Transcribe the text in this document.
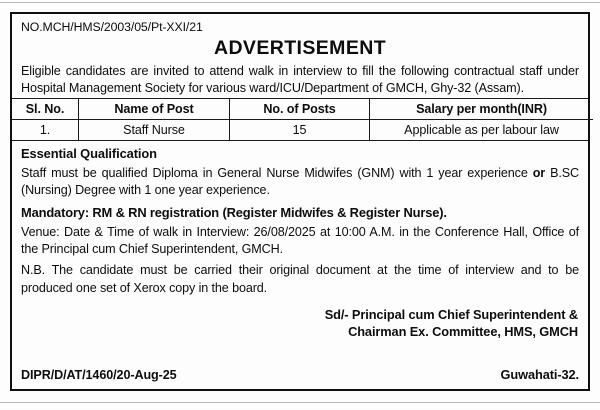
NO.MCH/HMS/2003/05/Pt-XXI/21
ADVERTISEMENT
Eligible candidates are invited to attend walk in interview to fill the following contractual staff under Hospital Management Society for various ward/ICU/Department of GMCH, Ghy-32 (Assam).
Sl. No.	Name of Post	No. of Posts	Salary per month(INR)
1.	Staff Nurse	15	Applicable as per labour law
Essential Qualification
Staff must be qualified Diploma in General Nurse Midwifes (GNM) with 1 year experience or B.SC (Nursing) Degree with 1 one year experience.
Mandatory: RM & RN registration (Register Midwifes & Register Nurse).
Venue: Date & Time of walk in Interview: 26/08/2025 at 10:00 A.M. in the Conference Hall, Office of the Principal cum Chief Superintendent, GMCH.
N.B. The candidate must be carried their original document at the time of interview and to be produced one set of Xerox copy in the board.
Sd/- Principal cum Chief Superintendent &
Chairman Ex. Committee, HMS, GMCH
DIPR/D/AT/1460/20-Aug-25	Guwahati-32.
